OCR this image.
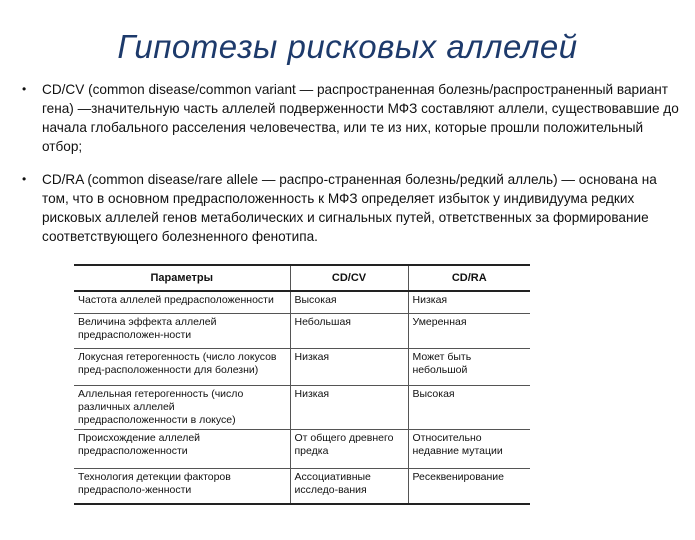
Гипотезы рисковых аллелей
•	CD/CV (common disease/common variant — распространенная болезнь/распространенный вариант гена) —значительную часть аллелей подверженности МФЗ составляют аллели, существовавшие до начала глобального расселения человечества, или те из них, которые прошли положительный отбор;
•	CD/RA (common disease/rare allele — распро-страненная болезнь/редкий аллель) — основана на том, что в основном предрасположенность к МФЗ определяет избыток у индивидуума редких рисковых аллелей генов метаболических и сигнальных путей, ответственных за формирование соответствующего болезненного фенотипа.
Параметры	CD/CV	CD/RA
Частота аллелей предрасположенности	Высокая	Низкая
Величина эффекта аллелей предрасположен-ности	Небольшая	Умеренная
Локусная гетерогенность (число локусов пред-расположенности для болезни)	Низкая	Может быть небольшой
Аллельная гетерогенность (число различных аллелей предрасположенности в локусе)	Низкая	Высокая
Происхождение аллелей предрасположенности	От общего древнего предка	Относительно недавние мутации
Технология детекции факторов предрасполо-женности	Ассоциативные исследо-вания	Ресеквенирование
